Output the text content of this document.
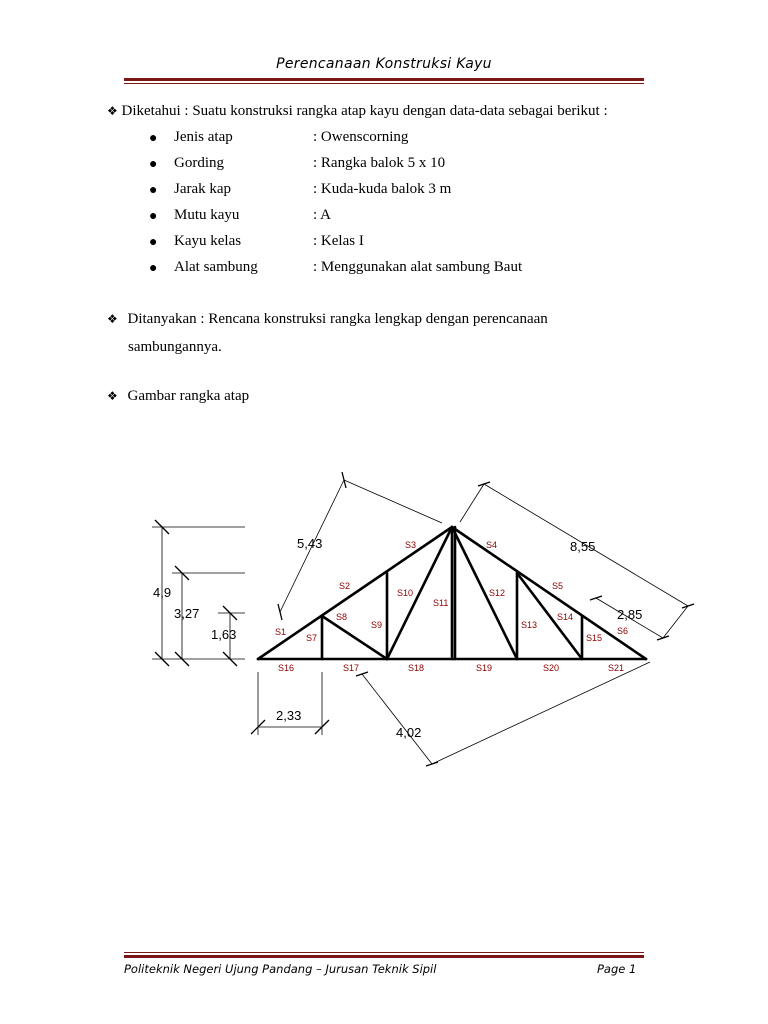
Perencanaan Konstruksi Kayu
❖ Diketahui : Suatu konstruksi rangka atap kayu dengan data-data sebagai berikut :
● Jenis atap	: Owenscorning
● Gording	: Rangka balok 5 x 10
● Jarak kap	: Kuda-kuda balok 3 m
● Mutu kayu	: A
● Kayu kelas	: Kelas I
● Alat sambung	: Menggunakan alat sambung Baut
❖ Ditanyakan : Rencana konstruksi rangka lengkap dengan perencanaan
sambungannya.
❖ Gambar rangka atap
4,9
3,27
1,63
5,43	8,55
2,85
2,33
4,02
S1
S2
S3	S4
S5
S6
S7
S8
S9
S10
S11
S12
S13
S14
S15
S16	S17	S18	S19	S20	S21
Politeknik Negeri Ujung Pandang – Jurusan Teknik Sipil	Page 1
